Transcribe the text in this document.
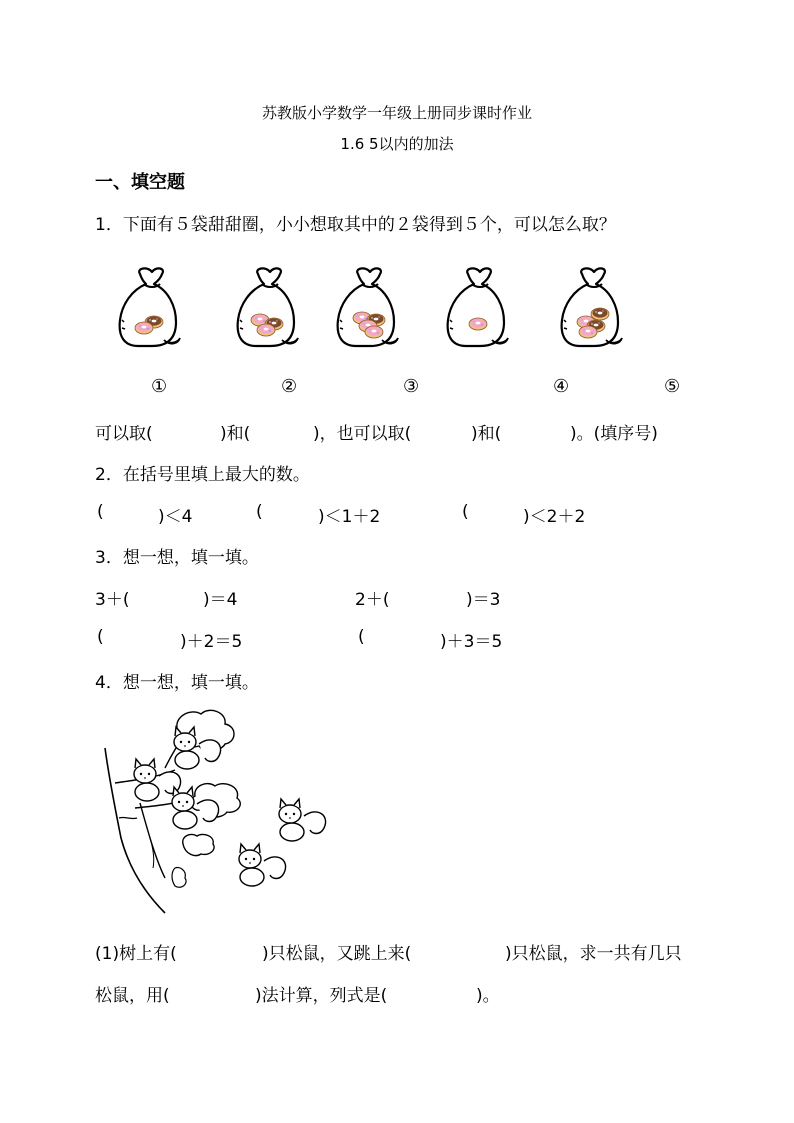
苏教版小学数学一年级上册同步课时作业
1.6 5以内的加法
一、填空题
1．下面有５袋甜甜圈，小小想取其中的２袋得到５个，可以怎么取？
①	②	③	④	⑤
可以取(	)和(	)，也可以取(	)和(	)。(填序号)
2．在括号里填上最大的数。
(	)＜4	(	)＜1＋2	(	)＜2＋2
3．想一想，填一填。
3＋(	)＝4	2＋(	)＝3
(	)＋2＝5	(	)＋3＝5
4．想一想，填一填。
(1)树上有(	)只松鼠，又跳上来(	)只松鼠，求一共有几只
松鼠，用(	)法计算，列式是(	)。
